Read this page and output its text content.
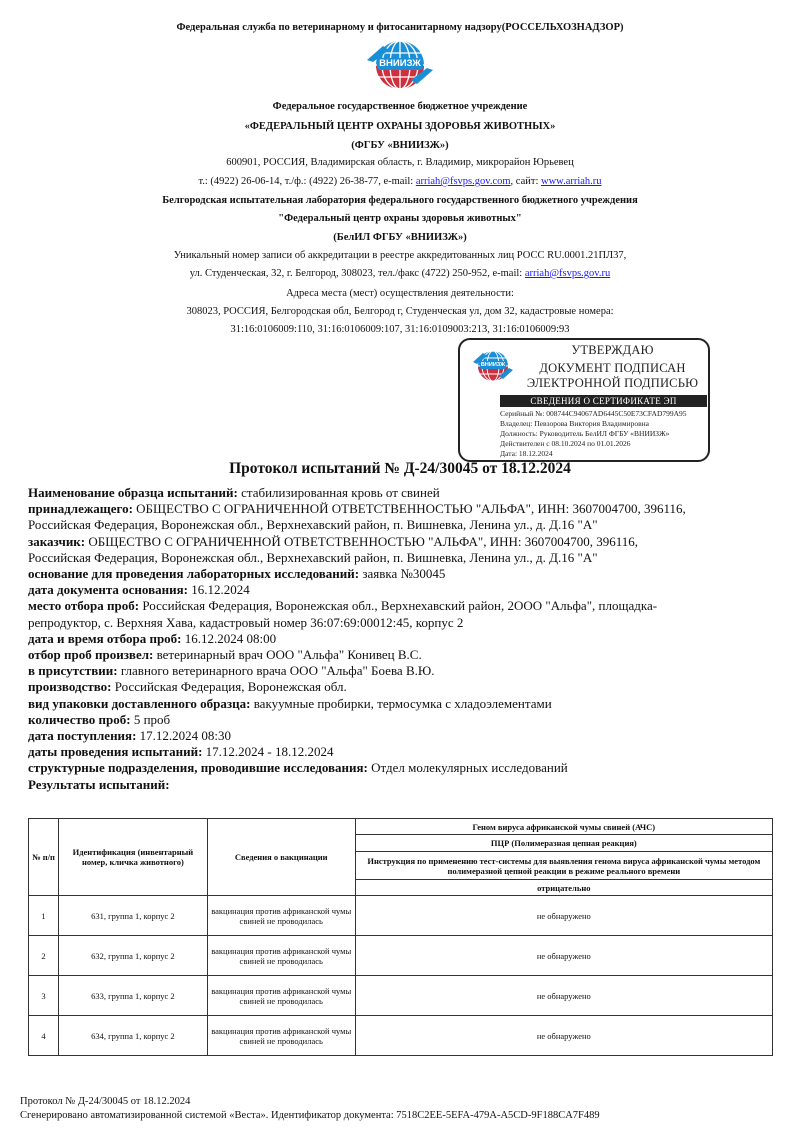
Федеральная служба по ветеринарному и фитосанитарному надзору(РОССЕЛЬХОЗНАДЗОР)
ВНИИЗЖ
Федеральное государственное бюджетное учреждение
«ФЕДЕРАЛЬНЫЙ ЦЕНТР ОХРАНЫ ЗДОРОВЬЯ ЖИВОТНЫХ»
(ФГБУ «ВНИИЗЖ»)
600901, РОССИЯ, Владимирская область, г. Владимир, микрорайон Юрьевец
т.: (4922) 26-06-14, т./ф.: (4922) 26-38-77, e-mail: arriah@fsvps.gov.com, сайт: www.arriah.ru
Белгородская испытательная лаборатория федерального государственного бюджетного учреждения
"Федеральный центр охраны здоровья животных"
(БелИЛ ФГБУ «ВНИИЗЖ»)
Уникальный номер записи об аккредитации в реестре аккредитованных лиц РОСС RU.0001.21ПЛ37,
ул. Студенческая, 32, г. Белгород, 308023, тел./факс (4722) 250-952, e-mail: arriah@fsvps.gov.ru
Адреса места (мест) осуществления деятельности:
308023, РОССИЯ, Белгородская обл, Белгород г, Студенческая ул, дом 32, кадастровые номера:
31:16:0106009:110, 31:16:0106009:107, 31:16:0109003:213, 31:16:0106009:93
ВНИИЗЖ
УТВЕРЖДАЮ
ДОКУМЕНТ ПОДПИСАН
ЭЛЕКТРОННОЙ ПОДПИСЬЮ
СВЕДЕНИЯ О СЕРТИФИКАТЕ ЭП
Серийный №: 008744C94067AD6445C50E73CFAD799A95
Владелец: Певзорова Виктория Владимировна
Должность: Руководитель БелИЛ ФГБУ «ВНИИЗЖ»
Действителен с 08.10.2024 по 01.01.2026
Дата: 18.12.2024
Протокол испытаний № Д-24/30045 от 18.12.2024
Наименование образца испытаний: стабилизированная кровь от свиней
принадлежащего: ОБЩЕСТВО С ОГРАНИЧЕННОЙ ОТВЕТСТВЕННОСТЬЮ "АЛЬФА", ИНН: 3607004700, 396116,
Российская Федерация, Воронежская обл., Верхнехавский район, п. Вишневка, Ленина ул., д. Д.16 "А"
заказчик: ОБЩЕСТВО С ОГРАНИЧЕННОЙ ОТВЕТСТВЕННОСТЬЮ "АЛЬФА", ИНН: 3607004700, 396116,
Российская Федерация, Воронежская обл., Верхнехавский район, п. Вишневка, Ленина ул., д. Д.16 "А"
основание для проведения лабораторных исследований: заявка №30045
дата документа основания: 16.12.2024
место отбора проб: Российская Федерация, Воронежская обл., Верхнехавский район, 2ООО "Альфа", площадка-
репродуктор, с. Верхняя Хава, кадастровый номер 36:07:69:00012:45, корпус 2
дата и время отбора проб: 16.12.2024 08:00
отбор проб произвел: ветеринарный врач ООО "Альфа" Конивец В.С.
в присутствии: главного ветеринарного врача ООО "Альфа" Боева В.Ю.
производство: Российская Федерация, Воронежская обл.
вид упаковки доставленного образца: вакуумные пробирки, термосумка с хладоэлементами
количество проб: 5 проб
дата поступления: 17.12.2024 08:30
даты проведения испытаний: 17.12.2024 - 18.12.2024
структурные подразделения, проводившие исследования: Отдел молекулярных исследований
Результаты испытаний:
№ п/п	Идентификация (инвентарный номер, кличка животного)	Сведения о вакцинации	Геном вируса африканской чумы свиней (АЧС)
			ПЦР (Полимеразная цепная реакция)
			Инструкция по применению тест-системы для выявления генома вируса африканской чумы методом полимеразной цепной реакции в режиме реального времени
			отрицательно
1	631, группа 1, корпус 2	вакцинация против африканской чумы свиней не проводилась	не обнаружено
2	632, группа 1, корпус 2	вакцинация против африканской чумы свиней не проводилась	не обнаружено
3	633, группа 1, корпус 2	вакцинация против африканской чумы свиней не проводилась	не обнаружено
4	634, группа 1, корпус 2	вакцинация против африканской чумы свиней не проводилась	не обнаружено
Протокол № Д-24/30045 от 18.12.2024
Сгенерировано автоматизированной системой «Веста». Идентификатор документа: 7518C2EE-5EFA-479A-A5CD-9F188CA7F489
